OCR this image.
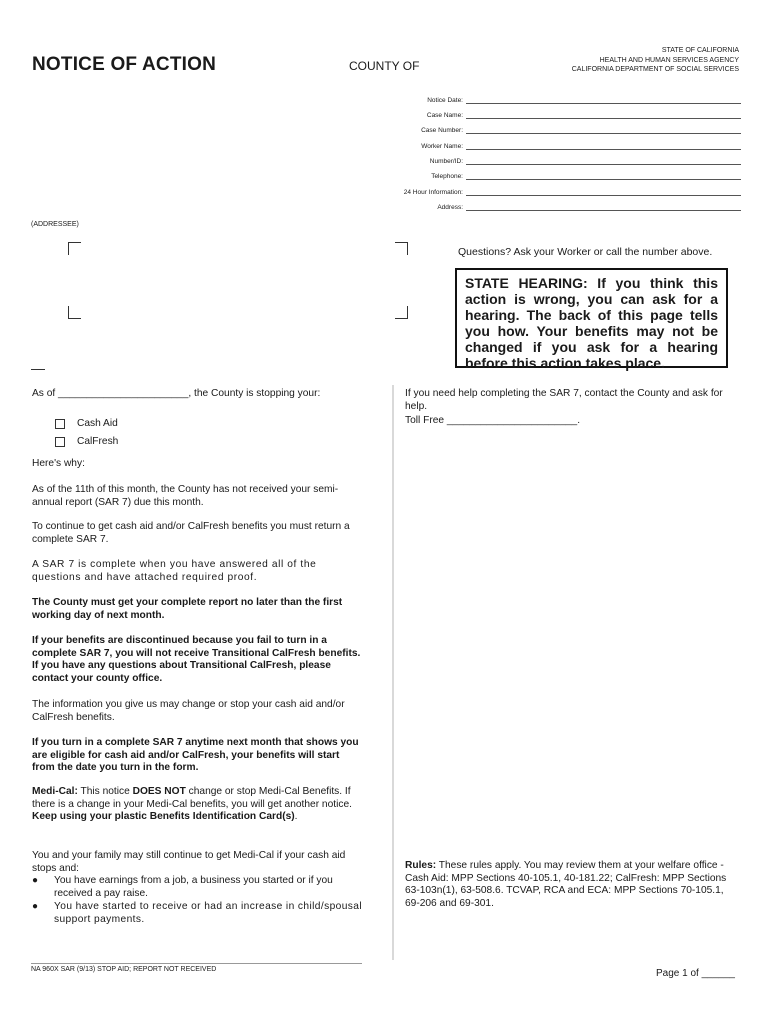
NOTICE OF ACTION	COUNTY OF
STATE OF CALIFORNIA
HEALTH AND HUMAN SERVICES AGENCY
CALIFORNIA DEPARTMENT OF SOCIAL SERVICES
Notice Date:
Case Name:
Case Number:
Worker Name:
Number/ID:
Telephone:
24 Hour Information:
Address:
(ADDRESSEE)
Questions? Ask your Worker or call the number above.
STATE HEARING: If you think this action is wrong, you can ask for a hearing. The back of this page tells you how. Your benefits may not be changed if you ask for a hearing before this action takes place.
As of _______________________, the County is stopping your:
Cash Aid
CalFresh
Here's why:
As of the 11th of this month, the County has not received your semi-annual report (SAR 7) due this month.
To continue to get cash aid and/or CalFresh benefits you must return a complete SAR 7.
A SAR 7 is complete when you have answered all of the questions and have attached required proof.
The County must get your complete report no later than the first working day of next month.
If your benefits are discontinued because you fail to turn in a complete SAR 7, you will not receive Transitional CalFresh benefits. If you have any questions about Transitional CalFresh, please contact your county office.
The information you give us may change or stop your cash aid and/or CalFresh benefits.
If you turn in a complete SAR 7 anytime next month that shows you are eligible for cash aid and/or CalFresh, your benefits will start from the date you turn in the form.
Medi-Cal: This notice DOES NOT change or stop Medi-Cal Benefits. If there is a change in your Medi-Cal benefits, you will get another notice.
Keep using your plastic Benefits Identification Card(s).
You and your family may still continue to get Medi-Cal if your cash aid stops and:
●	You have earnings from a job, a business you started or if you received a pay raise.
●	You have started to receive or had an increase in child/spousal support payments.
If you need help completing the SAR 7, contact the County and ask for help.
Toll Free _______________________.
Rules: These rules apply. You may review them at your welfare office - Cash Aid: MPP Sections 40-105.1, 40-181.22; CalFresh: MPP Sections 63-103n(1), 63-508.6. TCVAP, RCA and ECA: MPP Sections 70-105.1, 69-206 and 69-301.
NA 960X SAR (9/13) STOP AID; REPORT NOT RECEIVED	Page 1 of ______
